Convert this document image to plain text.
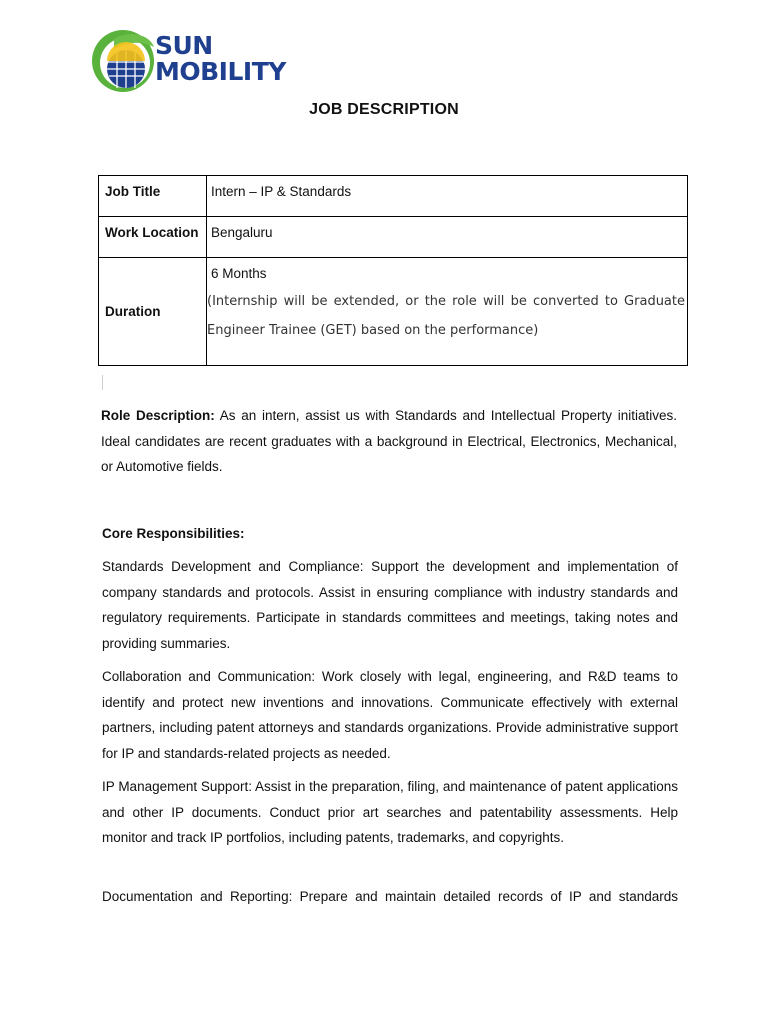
SUN
MOBILITY
JOB DESCRIPTION
Job Title	Intern – IP & Standards
Work Location	Bengaluru
Duration	6 Months
(Internship will be extended, or the role will be converted to Graduate Engineer Trainee (GET) based on the performance)

Role Description: As an intern, assist us with Standards and Intellectual Property initiatives. Ideal candidates are recent graduates with a background in Electrical, Electronics, Mechanical, or Automotive fields.

Core Responsibilities:

Standards Development and Compliance: Support the development and implementation of company standards and protocols. Assist in ensuring compliance with industry standards and regulatory requirements. Participate in standards committees and meetings, taking notes and providing summaries.

Collaboration and Communication: Work closely with legal, engineering, and R&D teams to identify and protect new inventions and innovations. Communicate effectively with external partners, including patent attorneys and standards organizations. Provide administrative support for IP and standards-related projects as needed.

IP Management Support: Assist in the preparation, filing, and maintenance of patent applications and other IP documents. Conduct prior art searches and patentability assessments. Help monitor and track IP portfolios, including patents, trademarks, and copyrights.

Documentation and Reporting: Prepare and maintain detailed records of IP and standards
